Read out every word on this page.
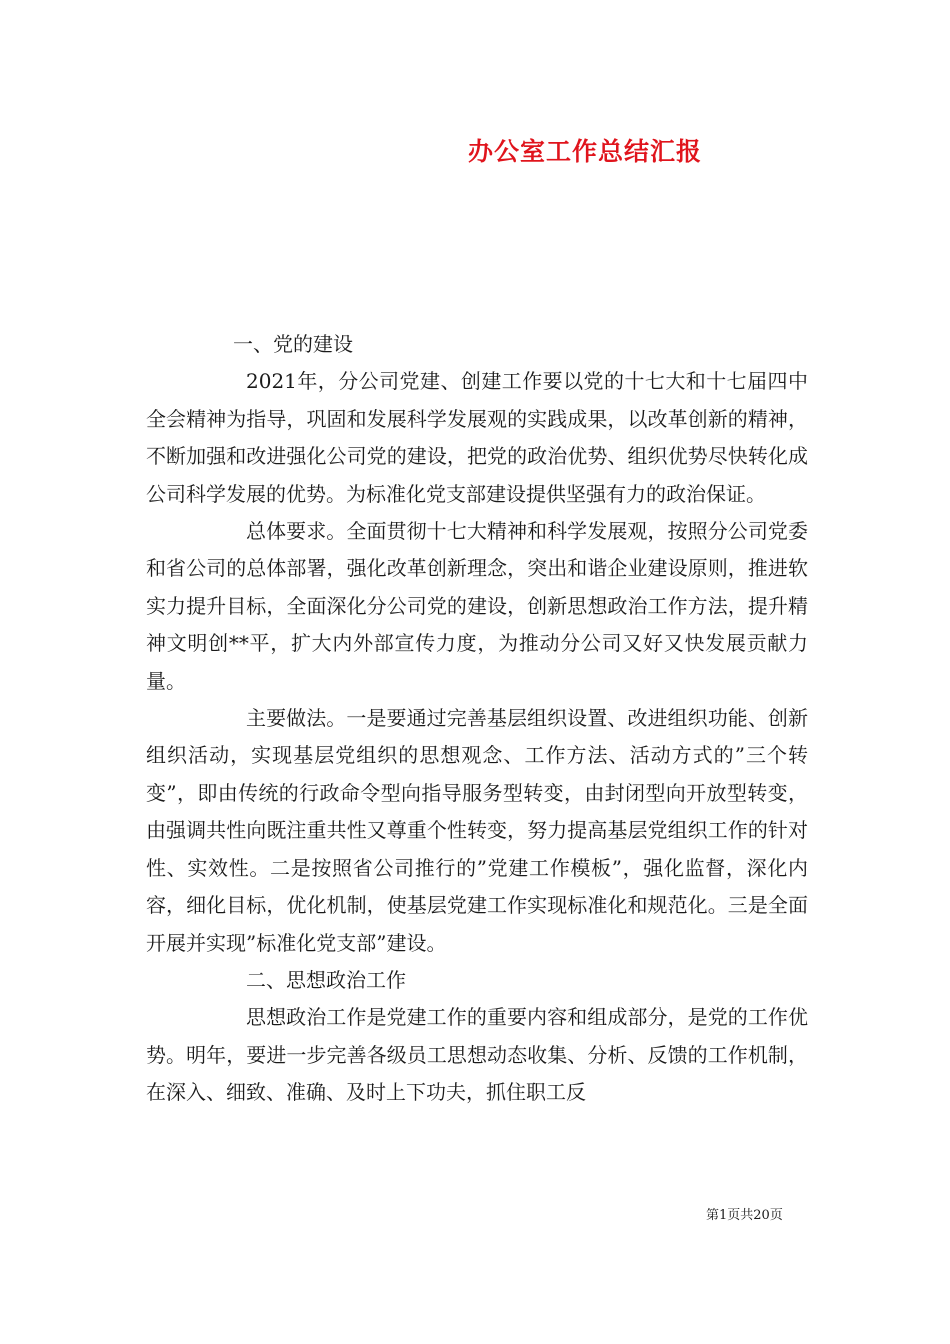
办公室工作总结汇报

一、党的建设

2021年，分公司党建、创建工作要以党的十七大和十七届四中全会精神为指导，巩固和发展科学发展观的实践成果，以改革创新的精神，不断加强和改进强化公司党的建设，把党的政治优势、组织优势尽快转化成公司科学发展的优势。为标准化党支部建设提供坚强有力的政治保证。

总体要求。全面贯彻十七大精神和科学发展观，按照分公司党委和省公司的总体部署，强化改革创新理念，突出和谐企业建设原则，推进软实力提升目标，全面深化分公司党的建设，创新思想政治工作方法，提升精神文明创**平，扩大内外部宣传力度，为推动分公司又好又快发展贡献力量。

主要做法。一是要通过完善基层组织设置、改进组织功能、创新组织活动，实现基层党组织的思想观念、工作方法、活动方式的”三个转变”，即由传统的行政命令型向指导服务型转变，由封闭型向开放型转变，由强调共性向既注重共性又尊重个性转变，努力提高基层党组织工作的针对性、实效性。二是按照省公司推行的”党建工作模板”，强化监督，深化内容，细化目标，优化机制，使基层党建工作实现标准化和规范化。三是全面开展并实现”标准化党支部”建设。

二、思想政治工作

思想政治工作是党建工作的重要内容和组成部分，是党的工作优势。明年，要进一步完善各级员工思想动态收集、分析、反馈的工作机制，在深入、细致、准确、及时上下功夫，抓住职工反

第1页共20页
